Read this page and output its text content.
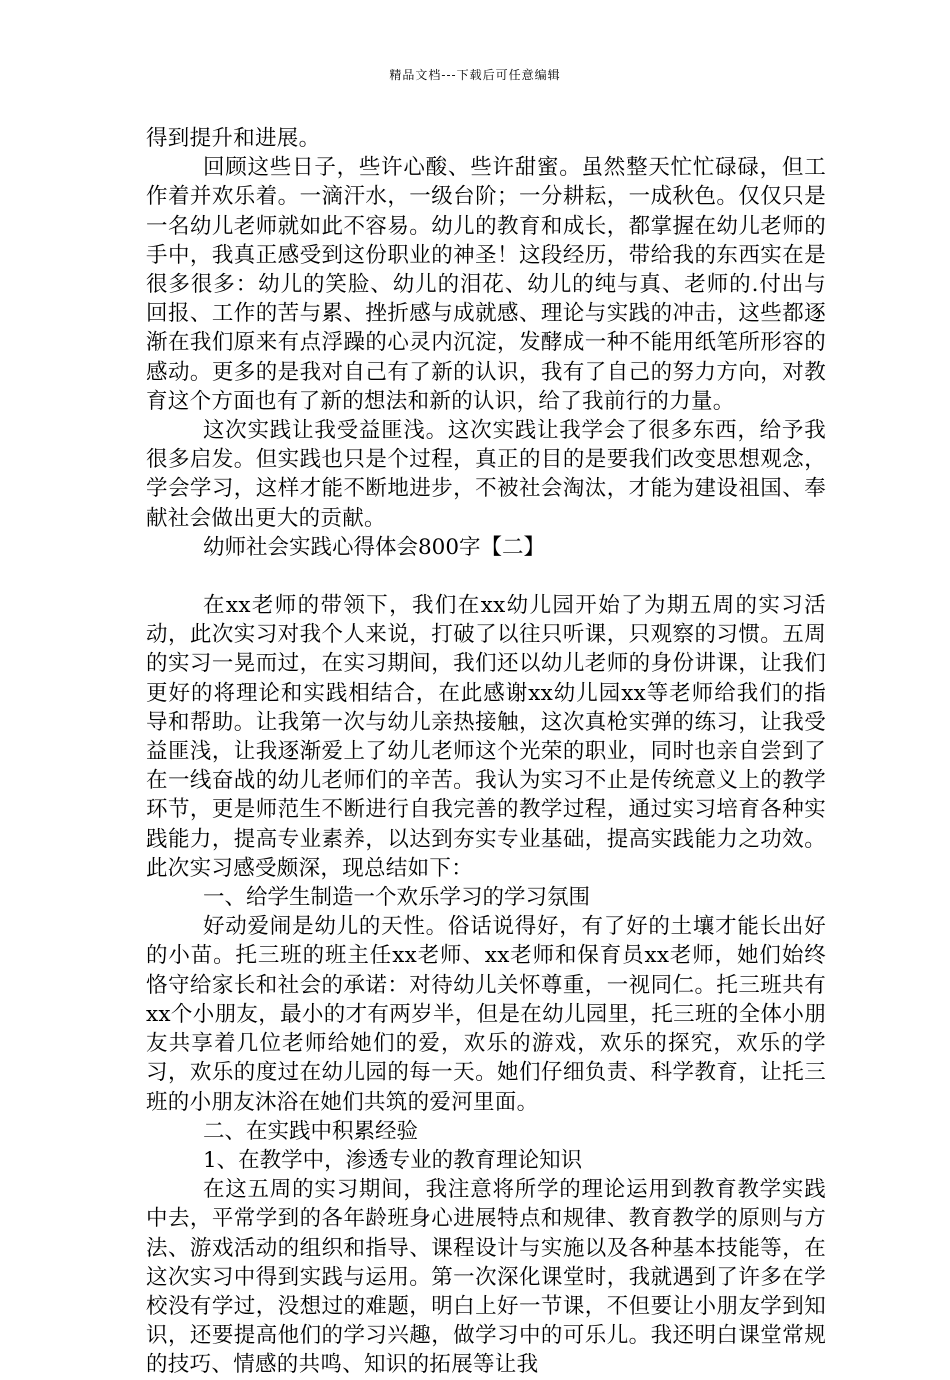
精品文档---下载后可任意编辑

得到提升和进展。

回顾这些日子，些许心酸、些许甜蜜。虽然整天忙忙碌碌，但工作着并欢乐着。一滴汗水，一级台阶；一分耕耘，一成秋色。仅仅只是一名幼儿老师就如此不容易。幼儿的教育和成长，都掌握在幼儿老师的手中，我真正感受到这份职业的神圣！这段经历，带给我的东西实在是很多很多：幼儿的笑脸、幼儿的泪花、幼儿的纯与真、老师的.付出与回报、工作的苦与累、挫折感与成就感、理论与实践的冲击，这些都逐渐在我们原来有点浮躁的心灵内沉淀，发酵成一种不能用纸笔所形容的感动。更多的是我对自己有了新的认识，我有了自己的努力方向，对教育这个方面也有了新的想法和新的认识，给了我前行的力量。

这次实践让我受益匪浅。这次实践让我学会了很多东西，给予我很多启发。但实践也只是个过程，真正的目的是要我们改变思想观念，学会学习，这样才能不断地进步，不被社会淘汰，才能为建设祖国、奉献社会做出更大的贡献。

幼师社会实践心得体会800字【二】

在xx老师的带领下，我们在xx幼儿园开始了为期五周的实习活动，此次实习对我个人来说，打破了以往只听课，只观察的习惯。五周的实习一晃而过，在实习期间，我们还以幼儿老师的身份讲课，让我们更好的将理论和实践相结合，在此感谢xx幼儿园xx等老师给我们的指导和帮助。让我第一次与幼儿亲热接触，这次真枪实弹的练习，让我受益匪浅，让我逐渐爱上了幼儿老师这个光荣的职业，同时也亲自尝到了在一线奋战的幼儿老师们的辛苦。我认为实习不止是传统意义上的教学环节，更是师范生不断进行自我完善的教学过程，通过实习培育各种实践能力，提高专业素养，以达到夯实专业基础，提高实践能力之功效。此次实习感受颇深，现总结如下：

一、给学生制造一个欢乐学习的学习氛围

好动爱闹是幼儿的天性。俗话说得好，有了好的土壤才能长出好的小苗。托三班的班主任xx老师、xx老师和保育员xx老师，她们始终恪守给家长和社会的承诺：对待幼儿关怀尊重，一视同仁。托三班共有xx个小朋友，最小的才有两岁半，但是在幼儿园里，托三班的全体小朋友共享着几位老师给她们的爱，欢乐的游戏，欢乐的探究，欢乐的学习，欢乐的度过在幼儿园的每一天。她们仔细负责、科学教育，让托三班的小朋友沐浴在她们共筑的爱河里面。

二、在实践中积累经验

1、在教学中，渗透专业的教育理论知识

在这五周的实习期间，我注意将所学的理论运用到教育教学实践中去，平常学到的各年龄班身心进展特点和规律、教育教学的原则与方法、游戏活动的组织和指导、课程设计与实施以及各种基本技能等，在这次实习中得到实践与运用。第一次深化课堂时，我就遇到了许多在学校没有学过，没想过的难题，明白上好一节课，不但要让小朋友学到知识，还要提高他们的学习兴趣，做学习中的可乐儿。我还明白课堂常规的技巧、情感的共鸣、知识的拓展等让我
